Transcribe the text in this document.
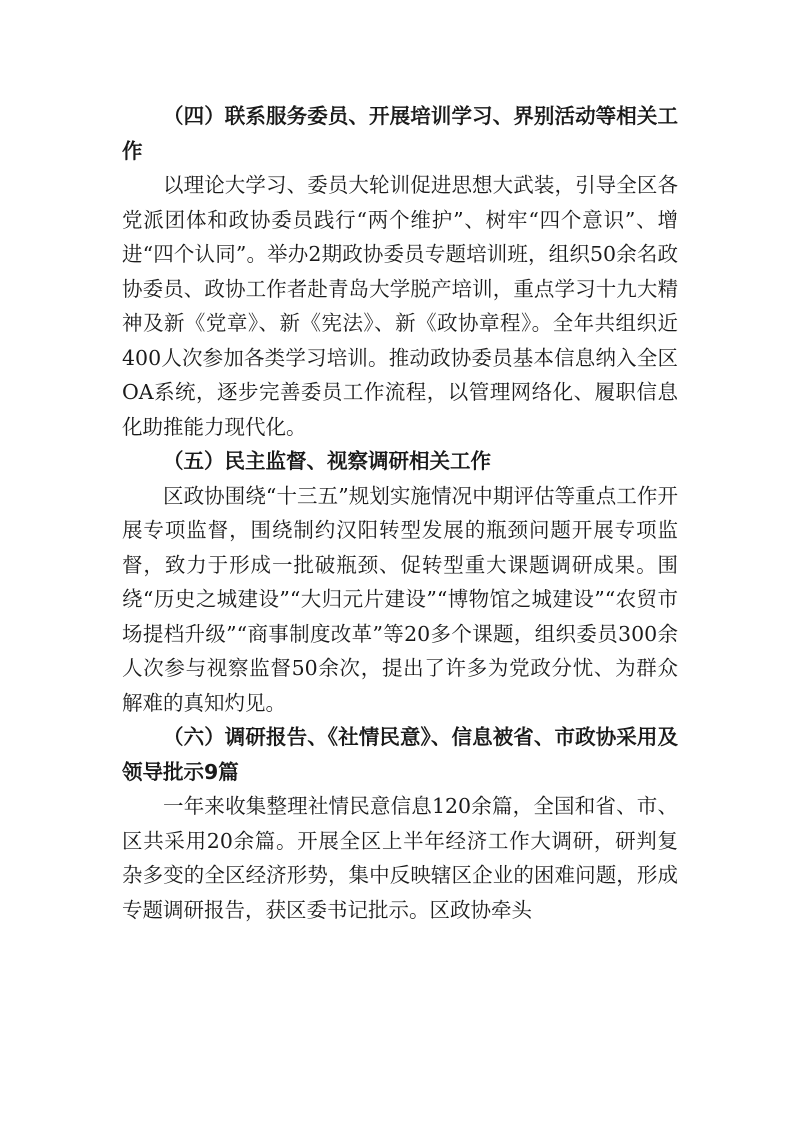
（四）联系服务委员、开展培训学习、界别活动等相关工作

以理论大学习、委员大轮训促进思想大武装，引导全区各党派团体和政协委员践行“两个维护”、树牢“四个意识”、增进“四个认同”。举办2期政协委员专题培训班，组织50余名政协委员、政协工作者赴青岛大学脱产培训，重点学习十九大精神及新《党章》、新《宪法》、新《政协章程》。全年共组织近400人次参加各类学习培训。推动政协委员基本信息纳入全区OA系统，逐步完善委员工作流程，以管理网络化、履职信息化助推能力现代化。

（五）民主监督、视察调研相关工作

区政协围绕“十三五”规划实施情况中期评估等重点工作开展专项监督，围绕制约汉阳转型发展的瓶颈问题开展专项监督，致力于形成一批破瓶颈、促转型重大课题调研成果。围绕“历史之城建设”“大归元片建设”“博物馆之城建设”“农贸市场提档升级”“商事制度改革”等20多个课题，组织委员300余人次参与视察监督50余次，提出了许多为党政分忧、为群众解难的真知灼见。

（六）调研报告、《社情民意》、信息被省、市政协采用及领导批示9篇

一年来收集整理社情民意信息120余篇，全国和省、市、区共采用20余篇。开展全区上半年经济工作大调研，研判复杂多变的全区经济形势，集中反映辖区企业的困难问题，形成专题调研报告，获区委书记批示。区政协牵头
